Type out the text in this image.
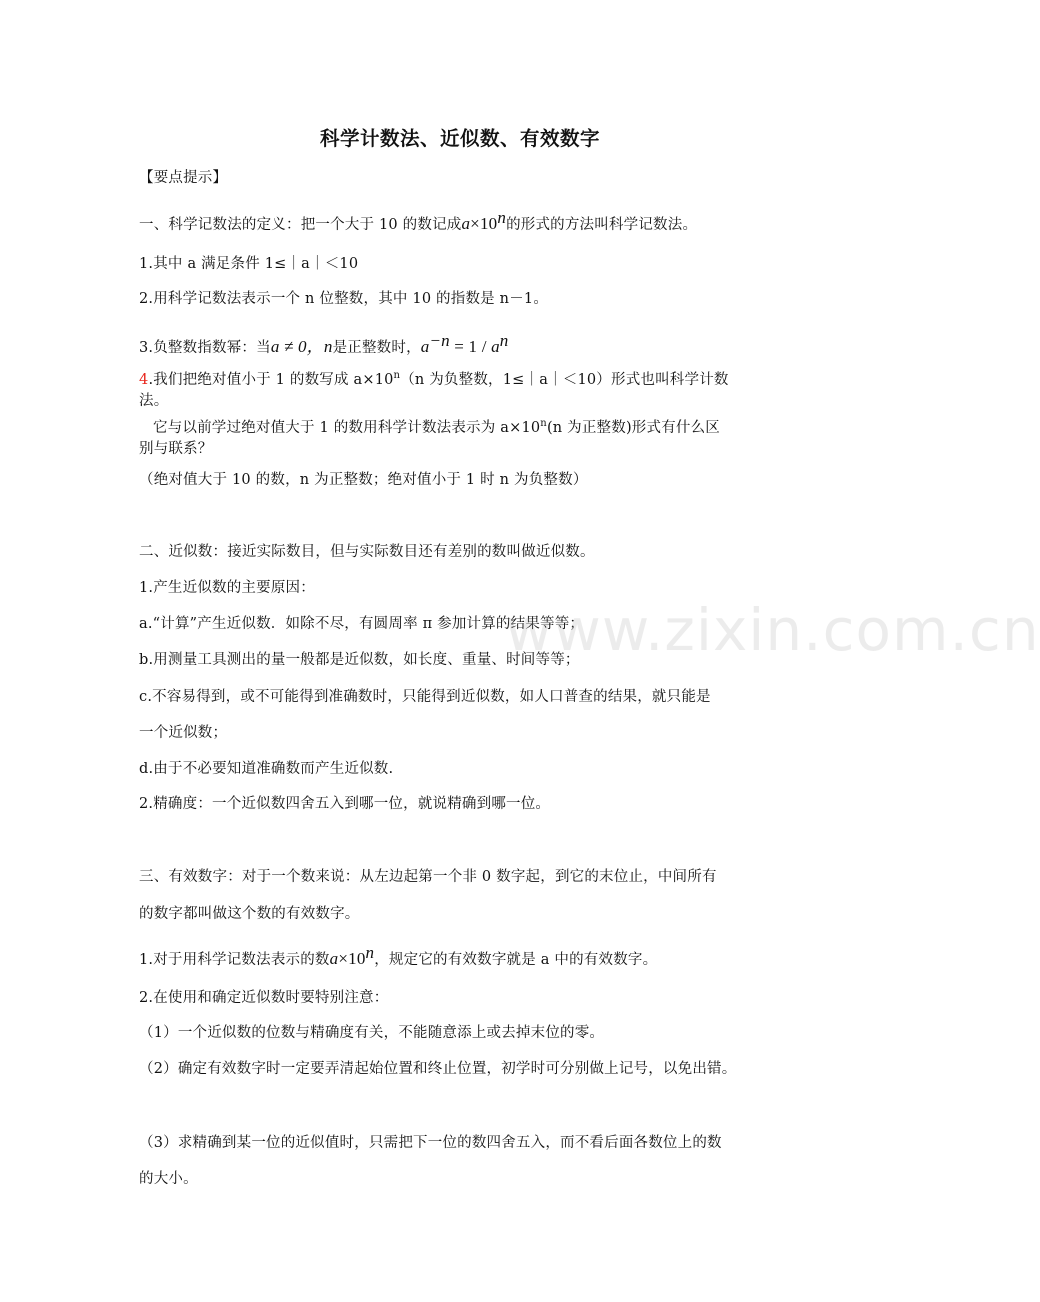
科学计数法、近似数、有效数字
【要点提示】
一、科学记数法的定义：把一个大于 10 的数记成$a\times 10^n$的形式的方法叫科学记数法。
1.其中 a 满足条件 1≤｜a｜＜10
2.用科学记数法表示一个 n 位整数，其中 10 的指数是 n－1。
3.负整数指数幂：当a ≠ 0，n是正整数时，$a^{-n} = 1 / a^n$
4.我们把绝对值小于 1 的数写成 $a\times 10^n(n$ 为负整数，1≤｜a｜＜10）形式也叫科学计数
法。
它与以前学过绝对值大于 1 的数用科学计数法表示为 $a\times 10^n(n$ 为正整数)形式有什么区
别与联系？
（绝对值大于 10 的数，n 为正整数；绝对值小于 1 时 n 为负整数）
二、近似数：接近实际数目，但与实际数目还有差别的数叫做近似数。
1.产生近似数的主要原因：
a.“计算”产生近似数．如除不尽，有圆周率 π 参加计算的结果等等；
b.用测量工具测出的量一般都是近似数，如长度、重量、时间等等；
c.不容易得到，或不可能得到准确数时，只能得到近似数，如人口普查的结果，就只能是
一个近似数；
d.由于不必要知道准确数而产生近似数.
2.精确度：一个近似数四舍五入到哪一位，就说精确到哪一位。
三、有效数字：对于一个数来说：从左边起第一个非 0 数字起，到它的末位止，中间所有
的数字都叫做这个数的有效数字。
1.对于用科学记数法表示的数$a\times 10^n$，规定它的有效数字就是 a 中的有效数字。
2.在使用和确定近似数时要特别注意：
（1）一个近似数的位数与精确度有关，不能随意添上或去掉末位的零。
（2）确定有效数字时一定要弄清起始位置和终止位置，初学时可分别做上记号，以免出错。
（3）求精确到某一位的近似值时，只需把下一位的数四舍五入，而不看后面各数位上的数
的大小。
www.zixin.com.cn
